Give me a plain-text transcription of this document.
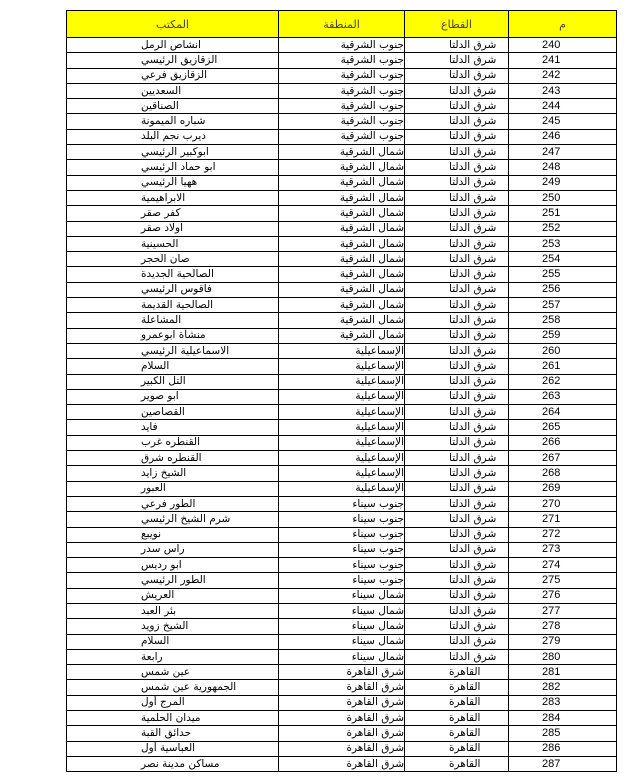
المكتب	المنطقة	القطاع	م
انشاص الرمل	جنوب الشرقية	شرق الدلتا	240
الزقازيق الرئيسي	جنوب الشرقية	شرق الدلتا	241
الزقازيق فرعي	جنوب الشرقية	شرق الدلتا	242
السعديين	جنوب الشرقية	شرق الدلتا	243
الصناقين	جنوب الشرقية	شرق الدلتا	244
شباره الميمونة	جنوب الشرقية	شرق الدلتا	245
ديرب نجم البلد	جنوب الشرقية	شرق الدلتا	246
ابوكبير الرئيسي	شمال الشرقية	شرق الدلتا	247
ابو حماد الرئيسي	شمال الشرقية	شرق الدلتا	248
ههيا الرئيسي	شمال الشرقية	شرق الدلتا	249
الابراهيمية	شمال الشرقية	شرق الدلتا	250
كفر صقر	شمال الشرقية	شرق الدلتا	251
اولاد صقر	شمال الشرقية	شرق الدلتا	252
الحسينية	شمال الشرقية	شرق الدلتا	253
صان الحجر	شمال الشرقية	شرق الدلتا	254
الصالحية الجديدة	شمال الشرقية	شرق الدلتا	255
فاقوس الرئيسي	شمال الشرقية	شرق الدلتا	256
الصالحية القديمة	شمال الشرقية	شرق الدلتا	257
المشاعلة	شمال الشرقية	شرق الدلتا	258
منشأة ابوعمرو	شمال الشرقية	شرق الدلتا	259
الاسماعيلية الرئيسي	الإسماعيلية	شرق الدلتا	260
السلام	الإسماعيلية	شرق الدلتا	261
التل الكبير	الإسماعيلية	شرق الدلتا	262
ابو صوير	الإسماعيلية	شرق الدلتا	263
القصاصين	الإسماعيلية	شرق الدلتا	264
فايد	الإسماعيلية	شرق الدلتا	265
القنطره غرب	الإسماعيلية	شرق الدلتا	266
القنطره شرق	الإسماعيلية	شرق الدلتا	267
الشيخ زايد	الإسماعيلية	شرق الدلتا	268
العبور	الإسماعيلية	شرق الدلتا	269
الطور فرعي	جنوب سيناء	شرق الدلتا	270
شرم الشيخ الرئيسي	جنوب سيناء	شرق الدلتا	271
نويبع	جنوب سيناء	شرق الدلتا	272
راس سدر	جنوب سيناء	شرق الدلتا	273
ابو رديس	جنوب سيناء	شرق الدلتا	274
الطور الرئيسي	جنوب سيناء	شرق الدلتا	275
العريش	شمال سيناء	شرق الدلتا	276
بئر العبد	شمال سيناء	شرق الدلتا	277
الشيخ زويد	شمال سيناء	شرق الدلتا	278
السلام	شمال سيناء	شرق الدلتا	279
رابعة	شمال سيناء	شرق الدلتا	280
عين شمس	شرق القاهرة	القاهرة	281
الجمهورية عين شمس	شرق القاهرة	القاهرة	282
المرج أول	شرق القاهرة	القاهرة	283
ميدان الحلمية	شرق القاهرة	القاهرة	284
حدائق القبة	شرق القاهرة	القاهرة	285
العباسية أول	شرق القاهرة	القاهرة	286
مساكن مدينة نصر	شرق القاهرة	القاهرة	287
